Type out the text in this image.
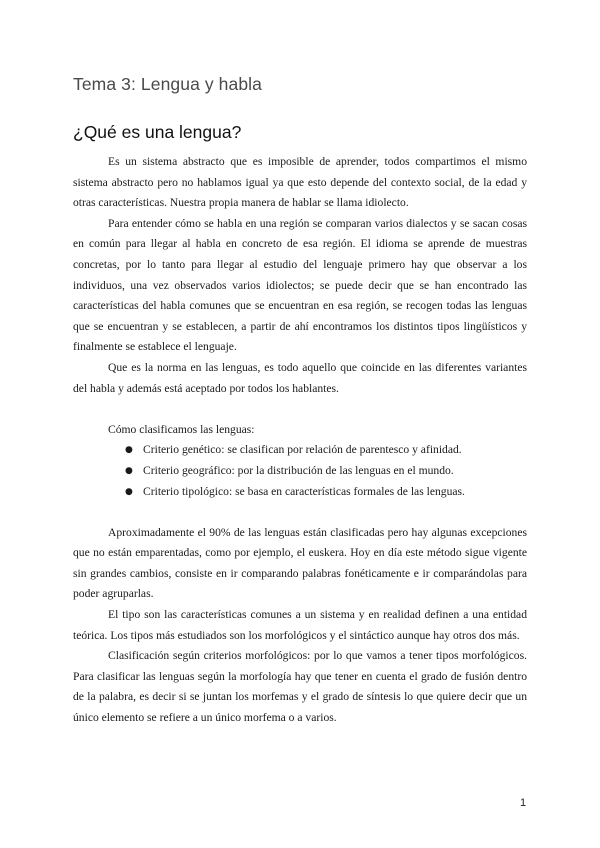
Tema 3: Lengua y habla
¿Qué es una lengua?

Es un sistema abstracto que es imposible de aprender, todos compartimos el mismo sistema abstracto pero no hablamos igual ya que esto depende del contexto social, de la edad y otras características. Nuestra propia manera de hablar se llama idiolecto.

Para entender cómo se habla en una región se comparan varios dialectos y se sacan cosas en común para llegar al habla en concreto de esa región. El idioma se aprende de muestras concretas, por lo tanto para llegar al estudio del lenguaje primero hay que observar a los individuos, una vez observados varios idiolectos; se puede decir que se han encontrado las características del habla comunes que se encuentran en esa región, se recogen todas las lenguas que se encuentran y se establecen, a partir de ahí encontramos los distintos tipos lingüísticos y finalmente se establece el lenguaje.

Que es la norma en las lenguas, es todo aquello que coincide en las diferentes variantes del habla y además está aceptado por todos los hablantes.

Cómo clasificamos las lenguas:

● Criterio genético: se clasifican por relación de parentesco y afinidad.
● Criterio geográfico: por la distribución de las lenguas en el mundo.
● Criterio tipológico: se basa en características formales de las lenguas.

Aproximadamente el 90% de las lenguas están clasificadas pero hay algunas excepciones que no están emparentadas, como por ejemplo, el euskera. Hoy en día este método sigue vigente sin grandes cambios, consiste en ir comparando palabras fonéticamente e ir comparándolas para poder agruparlas.

El tipo son las características comunes a un sistema y en realidad definen a una entidad teórica. Los tipos más estudiados son los morfológicos y el sintáctico aunque hay otros dos más.

Clasificación según criterios morfológicos: por lo que vamos a tener tipos morfológicos. Para clasificar las lenguas según la morfología hay que tener en cuenta el grado de fusión dentro de la palabra, es decir si se juntan los morfemas y el grado de síntesis lo que quiere decir que un único elemento se refiere a un único morfema o a varios.

1
